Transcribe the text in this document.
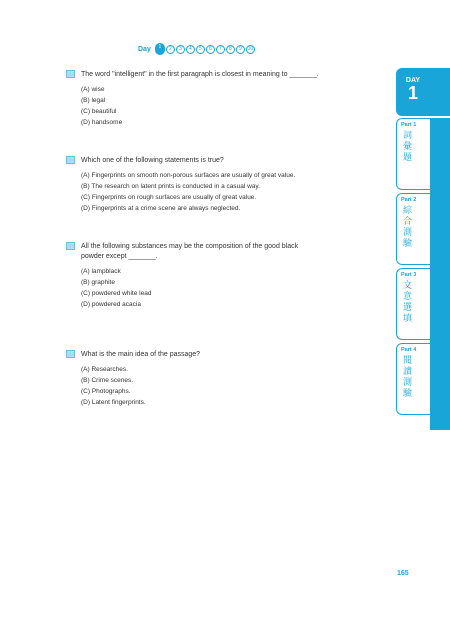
Day	1	2	3	4	5	6	7	8	9	10
The word "intelligent" in the first paragraph is closest in meaning to _______.
(A) wise
(B) legal
(C) beautiful
(D) handsome
Which one of the following statements is true?
(A) Fingerprints on smooth non-porous surfaces are usually of great value.
(B) The research on latent prints is conducted in a casual way.
(C) Fingerprints on rough surfaces are usually of great value.
(D) Fingerprints at a crime scene are always neglected.
All the following substances may be the composition of the good black
powder except _______.
(A) lampblack
(B) graphite
(C) powdered white lead
(D) powdered acacia
What is the main idea of the passage?
(A) Researches.
(B) Crime scenes.
(C) Photographs.
(D) Latent fingerprints.
DAY
1
Part 1
詞彙題
Part 2
綜合測驗
Part 3
文意選填
Part 4
閱讀測驗
165
